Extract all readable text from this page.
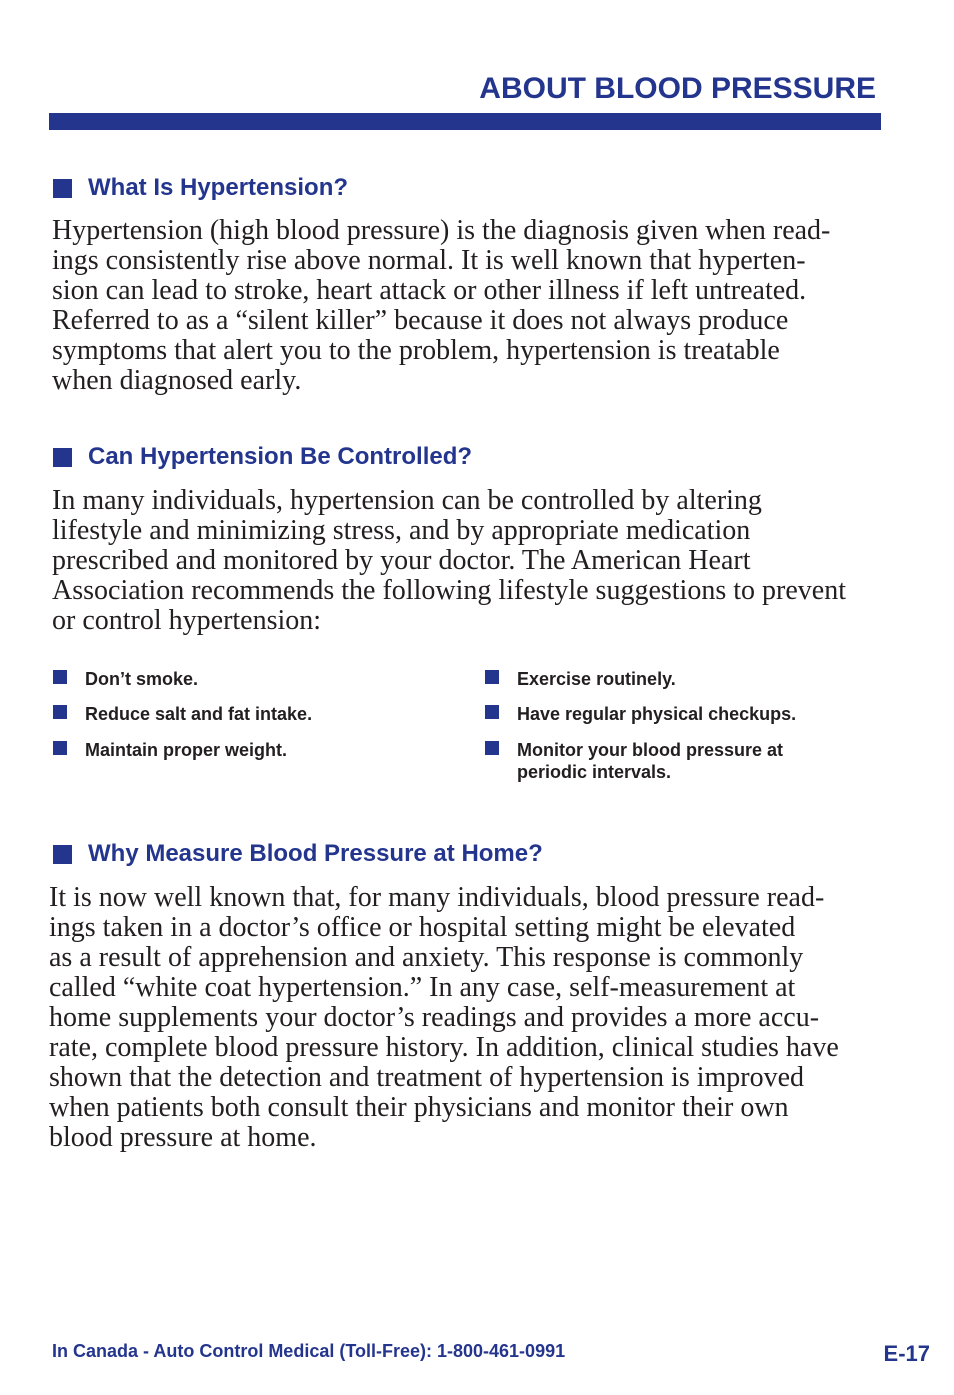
ABOUT BLOOD PRESSURE
What Is Hypertension?
Hypertension (high blood pressure) is the diagnosis given when read-
ings consistently rise above normal. It is well known that hyperten-
sion can lead to stroke, heart attack or other illness if left untreated.
Referred to as a “silent killer” because it does not always produce
symptoms that alert you to the problem, hypertension is treatable
when diagnosed early.
Can Hypertension Be Controlled?
In many individuals, hypertension can be controlled by altering
lifestyle and minimizing stress, and by appropriate medication
prescribed and monitored by your doctor. The American Heart
Association recommends the following lifestyle suggestions to prevent
or control hypertension:
Don’t smoke.
Reduce salt and fat intake.
Maintain proper weight.
Exercise routinely.
Have regular physical checkups.
Monitor your blood pressure at
periodic intervals.
Why Measure Blood Pressure at Home?
It is now well known that, for many individuals, blood pressure read-
ings taken in a doctor’s office or hospital setting might be elevated
as a result of apprehension and anxiety. This response is commonly
called “white coat hypertension.” In any case, self-measurement at
home supplements your doctor’s readings and provides a more accu-
rate, complete blood pressure history. In addition, clinical studies have
shown that the detection and treatment of hypertension is improved
when patients both consult their physicians and monitor their own
blood pressure at home.
In Canada - Auto Control Medical (Toll-Free): 1-800-461-0991	E-17
